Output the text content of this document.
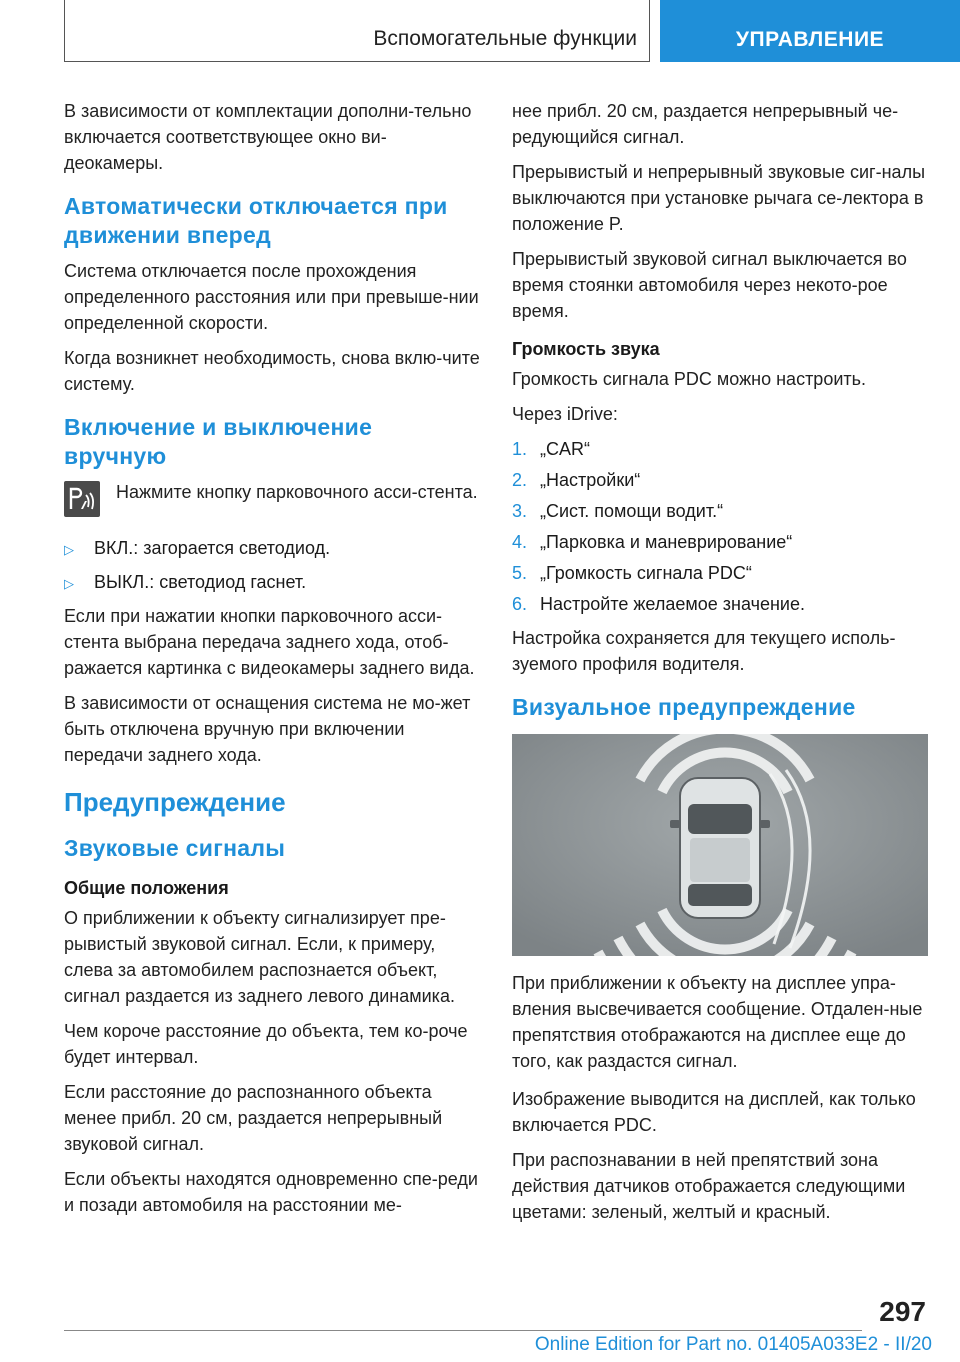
Вспомогательные функции	УПРАВЛЕНИЕ

В зависимости от комплектации дополни-тельно включается соответствующее окно ви-деокамеры.

Автоматически отключается при движении вперед

Система отключается после прохождения определенного расстояния или при превыше-нии определенной скорости.

Когда возникнет необходимость, снова вклю-чите систему.

Включение и выключение вручную

Нажмите кнопку парковочного асси-стента.

▷ ВКЛ.: загорается светодиод.
▷ ВЫКЛ.: светодиод гаснет.

Если при нажатии кнопки парковочного асси-стента выбрана передача заднего хода, отоб-ражается картинка с видеокамеры заднего вида.

В зависимости от оснащения система не мо-жет быть отключена вручную при включении передачи заднего хода.

Предупреждение
Звуковые сигналы
Общие положения

О приближении к объекту сигнализирует пре-рывистый звуковой сигнал. Если, к примеру, слева за автомобилем распознается объект, сигнал раздается из заднего левого динамика.

Чем короче расстояние до объекта, тем ко-роче будет интервал.

Если расстояние до распознанного объекта менее прибл. 20 см, раздается непрерывный звуковой сигнал.

Если объекты находятся одновременно спе-реди и позади автомобиля на расстоянии ме-

нее прибл. 20 см, раздается непрерывный че-редующийся сигнал.

Прерывистый и непрерывный звуковые сиг-налы выключаются при установке рычага се-лектора в положение P.

Прерывистый звуковой сигнал выключается во время стоянки автомобиля через некото-рое время.

Громкость звука

Громкость сигнала PDC можно настроить.

Через iDrive:

1. „CAR“
2. „Настройки“
3. „Сист. помощи водит.“
4. „Парковка и маневрирование“
5. „Громкость сигнала PDC“
6. Настройте желаемое значение.

Настройка сохраняется для текущего исполь-зуемого профиля водителя.

Визуальное предупреждение

При приближении к объекту на дисплее упра-вления высвечивается сообщение. Отдален-ные препятствия отображаются на дисплее еще до того, как раздастся сигнал.

Изображение выводится на дисплей, как только включается PDC.

При распознавании в ней препятствий зона действия датчиков отображается следующими цветами: зеленый, желтый и красный.

297
Online Edition for Part no. 01405A033E2 - II/20
